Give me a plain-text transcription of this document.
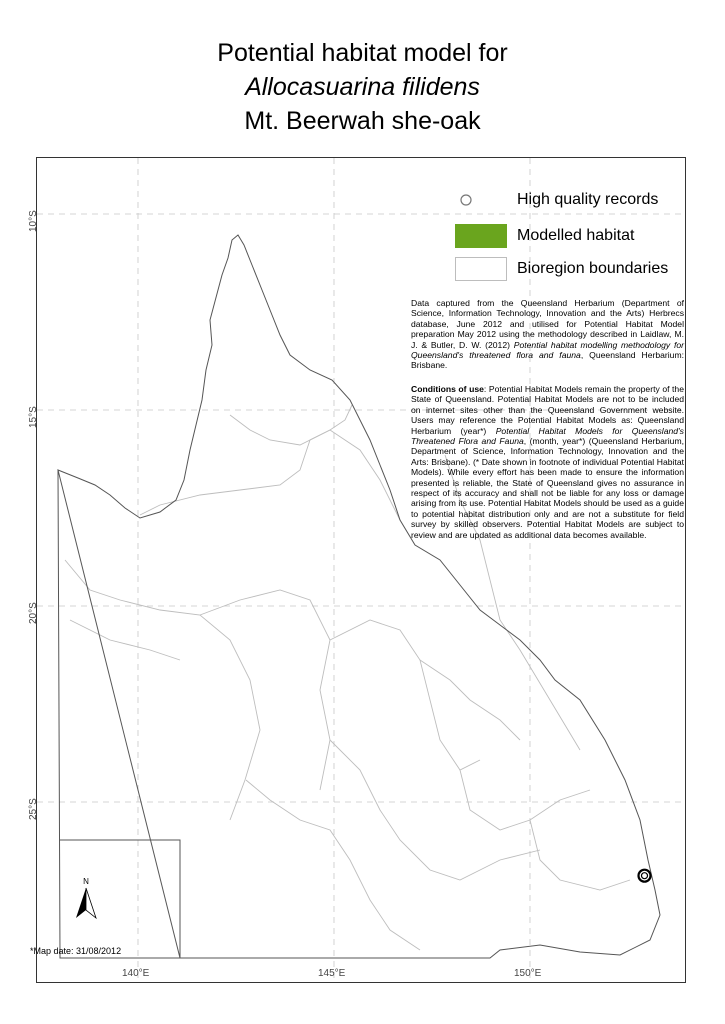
Potential habitat model for
Allocasuarina filidens
Mt. Beerwah she-oak
10°S
15°S
20°S
25°S
140°E	145°E	150°E
High quality records
Modelled habitat
Bioregion boundaries
Data captured from the Queensland Herbarium (Department of Science, Information Technology, Innovation and the Arts) Herbrecs database, June 2012 and utilised for Potential Habitat Model preparation May 2012 using the methodology described in Laidlaw, M. J. & Butler, D. W. (2012) Potential habitat modelling methodology for Queensland's threatened flora and fauna, Queensland Herbarium: Brisbane.
Conditions of use: Potential Habitat Models remain the property of the State of Queensland. Potential Habitat Models are not to be included on internet sites other than the Queensland Government website. Users may reference the Potential Habitat Models as: Queensland Herbarium (year*) Potential Habitat Models for Queensland's Threatened Flora and Fauna, (month, year*) (Queensland Herbarium, Department of Science, Information Technology, Innovation and the Arts: Brisbane). (* Date shown in footnote of individual Potential Habitat Models). While every effort has been made to ensure the information presented is reliable, the State of Queensland gives no assurance in respect of its accuracy and shall not be liable for any loss or damage arising from its use. Potential Habitat Models should be used as a guide to potential habitat distribution only and are not a substitute for field survey by skilled observers. Potential Habitat Models are subject to review and are updated as additional data becomes available.
N
*Map date: 31/08/2012
